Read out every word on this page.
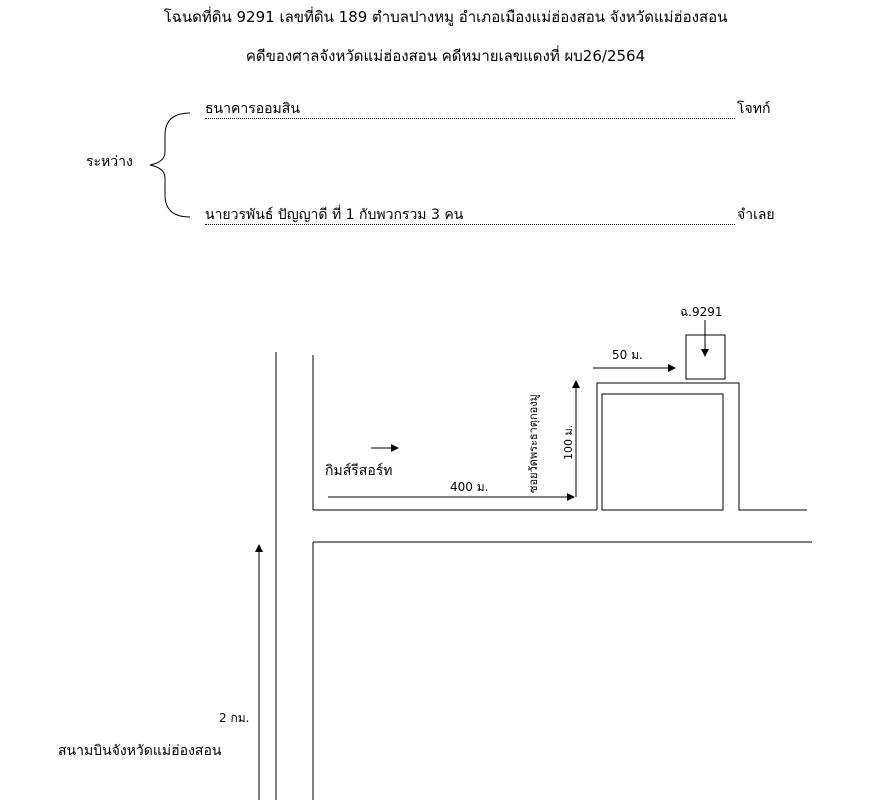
โฉนดที่ดิน 9291 เลขที่ดิน 189 ตำบลปางหมู อำเภอเมืองแม่ฮ่องสอน จังหวัดแม่ฮ่องสอน
คดีของศาลจังหวัดแม่ฮ่องสอน คดีหมายเลขแดงที่ ผบ26/2564
ระหว่าง
ธนาคารออมสิน	โจทก์
นายวรพันธ์ ปัญญาดี ที่ 1 กับพวกรวม 3 คน	จำเลย
ฉ.9291
50 ม.
กิมส์รีสอร์ท
400 ม.	ซอยวัดพระธาตุกองมู 100 ม.
2 กม.
สนามบินจังหวัดแม่ฮ่องสอน
